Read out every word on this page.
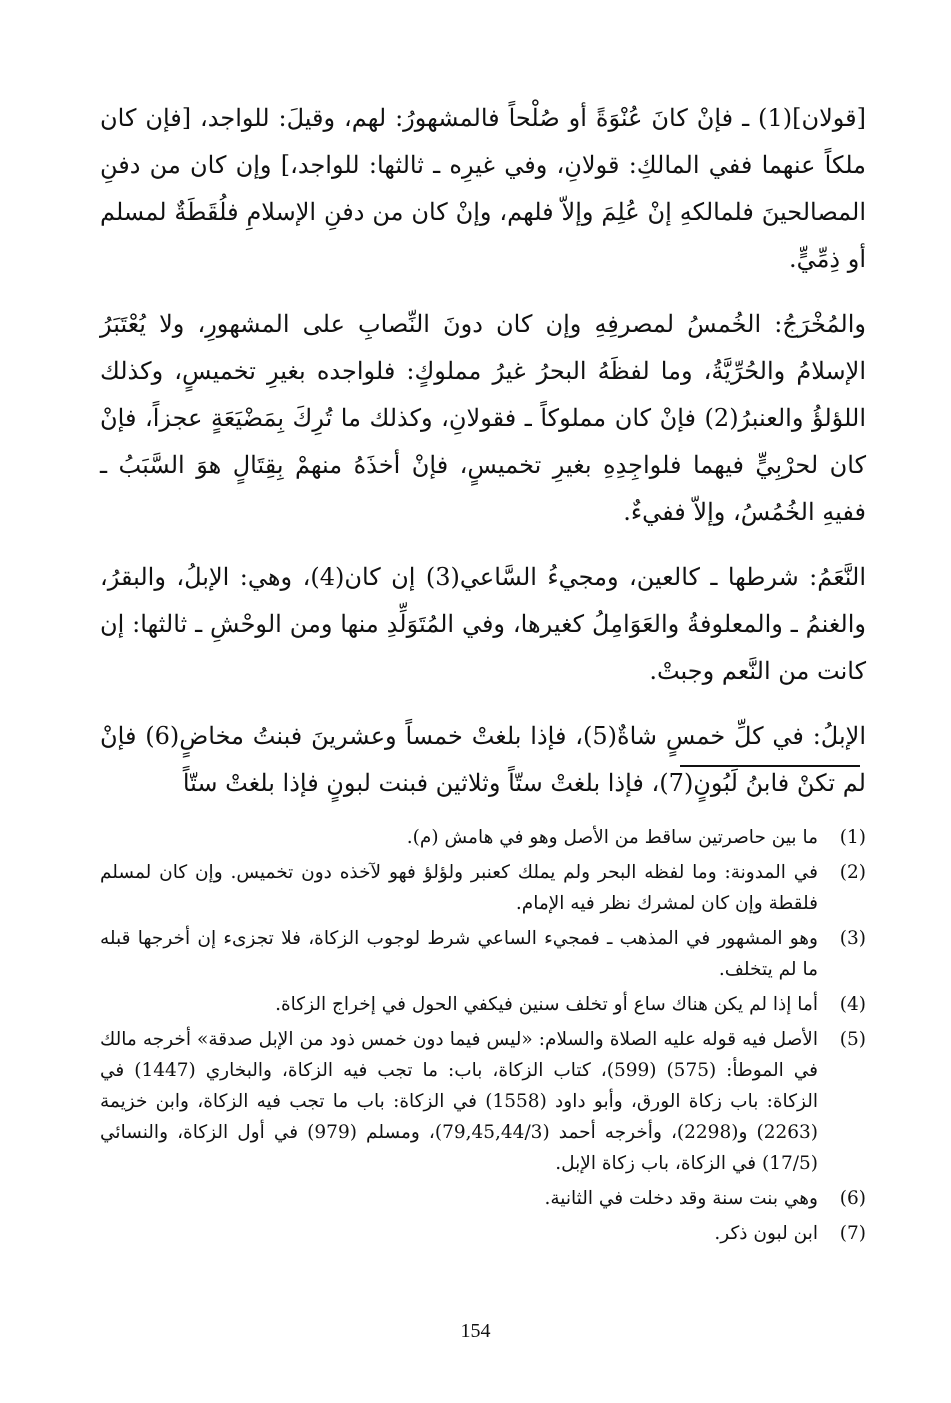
[قولان](1) ـ فإنْ كانَ عُنْوَةً أو صُلْحاً فالمشهورُ: لهم، وقيلَ: للواجد، [فإن كان ملكاً عنهما ففي المالكِ: قولانِ، وفي غيرِه ـ ثالثها: للواجد،] وإن كان من دفنِ المصالحينَ فلمالكهِ إنْ عُلِمَ وإلاّ فلهم، وإنْ كان من دفنِ الإسلامِ فلُقَطَةٌ لمسلم أو ذِمِّيٍّ.

والمُخْرَجُ: الخُمسُ لمصرفِهِ وإن كان دونَ النِّصابِ على المشهورِ، ولا يُعْتَبَرُ الإسلامُ والحُرِّيَّةُ، وما لفظَهُ البحرُ غيرُ مملوكٍ: فلواجده بغيرِ تخميسٍ، وكذلك اللؤلؤُ والعنبرُ(2) فإنْ كان مملوكاً ـ فقولانِ، وكذلك ما تُرِكَ بِمَضْيَعَةٍ عجزاً، فإنْ كان لحرْبِيٍّ فيهما فلواجِدِهِ بغيرِ تخميسٍ، فإنْ أخذَهُ منهمْ بِقِتَالٍ هوَ السَّبَبُ ـ ففيهِ الخُمُسُ، وإلاّ ففيءٌ.

النَّعَمُ: شرطها ـ كالعين، ومجيءُ السَّاعي(3) إن كان(4)، وهي: الإبلُ، والبقرُ، والغنمُ ـ والمعلوفةُ والعَوَامِلُ كغيرها، وفي المُتَوَلِّدِ منها ومن الوحْشِ ـ ثالثها: إن كانت من النَّعم وجبتْ.

الإبلُ: في كلِّ خمسٍ شاةٌ(5)، فإذا بلغتْ خمساً وعشرينَ فبنتُ مخاضٍ(6) فإنْ لم تكنْ فابنُ لَبُونٍ(7)، فإذا بلغتْ ستّاً وثلاثين فبنت لبونٍ فإذا بلغتْ ستّاً

(1)
ما بين حاصرتين ساقط من الأصل وهو في هامش (م).
(2)
في المدونة: وما لفظه البحر ولم يملك كعنبر ولؤلؤ فهو لآخذه دون تخميس. وإن كان لمسلم فلقطة وإن كان لمشرك نظر فيه الإمام.
(3)
وهو المشهور في المذهب ـ فمجيء الساعي شرط لوجوب الزكاة، فلا تجزىء إن أخرجها قبله ما لم يتخلف.
(4)
أما إذا لم يكن هناك ساع أو تخلف سنين فيكفي الحول في إخراج الزكاة.
(5)
الأصل فيه قوله عليه الصلاة والسلام: «ليس فيما دون خمس ذود من الإبل صدقة» أخرجه مالك في الموطأ: (575) (599)، كتاب الزكاة، باب: ما تجب فيه الزكاة، والبخاري (1447) في الزكاة: باب زكاة الورق، وأبو داود (1558) في الزكاة: باب ما تجب فيه الزكاة، وابن خزيمة (2263) و(2298)، وأخرجه أحمد (79,45,44/3)، ومسلم (979) في أول الزكاة، والنسائي (17/5) في الزكاة، باب زكاة الإبل.
(6)
وهي بنت سنة وقد دخلت في الثانية.
(7)
ابن لبون ذكر.
154
